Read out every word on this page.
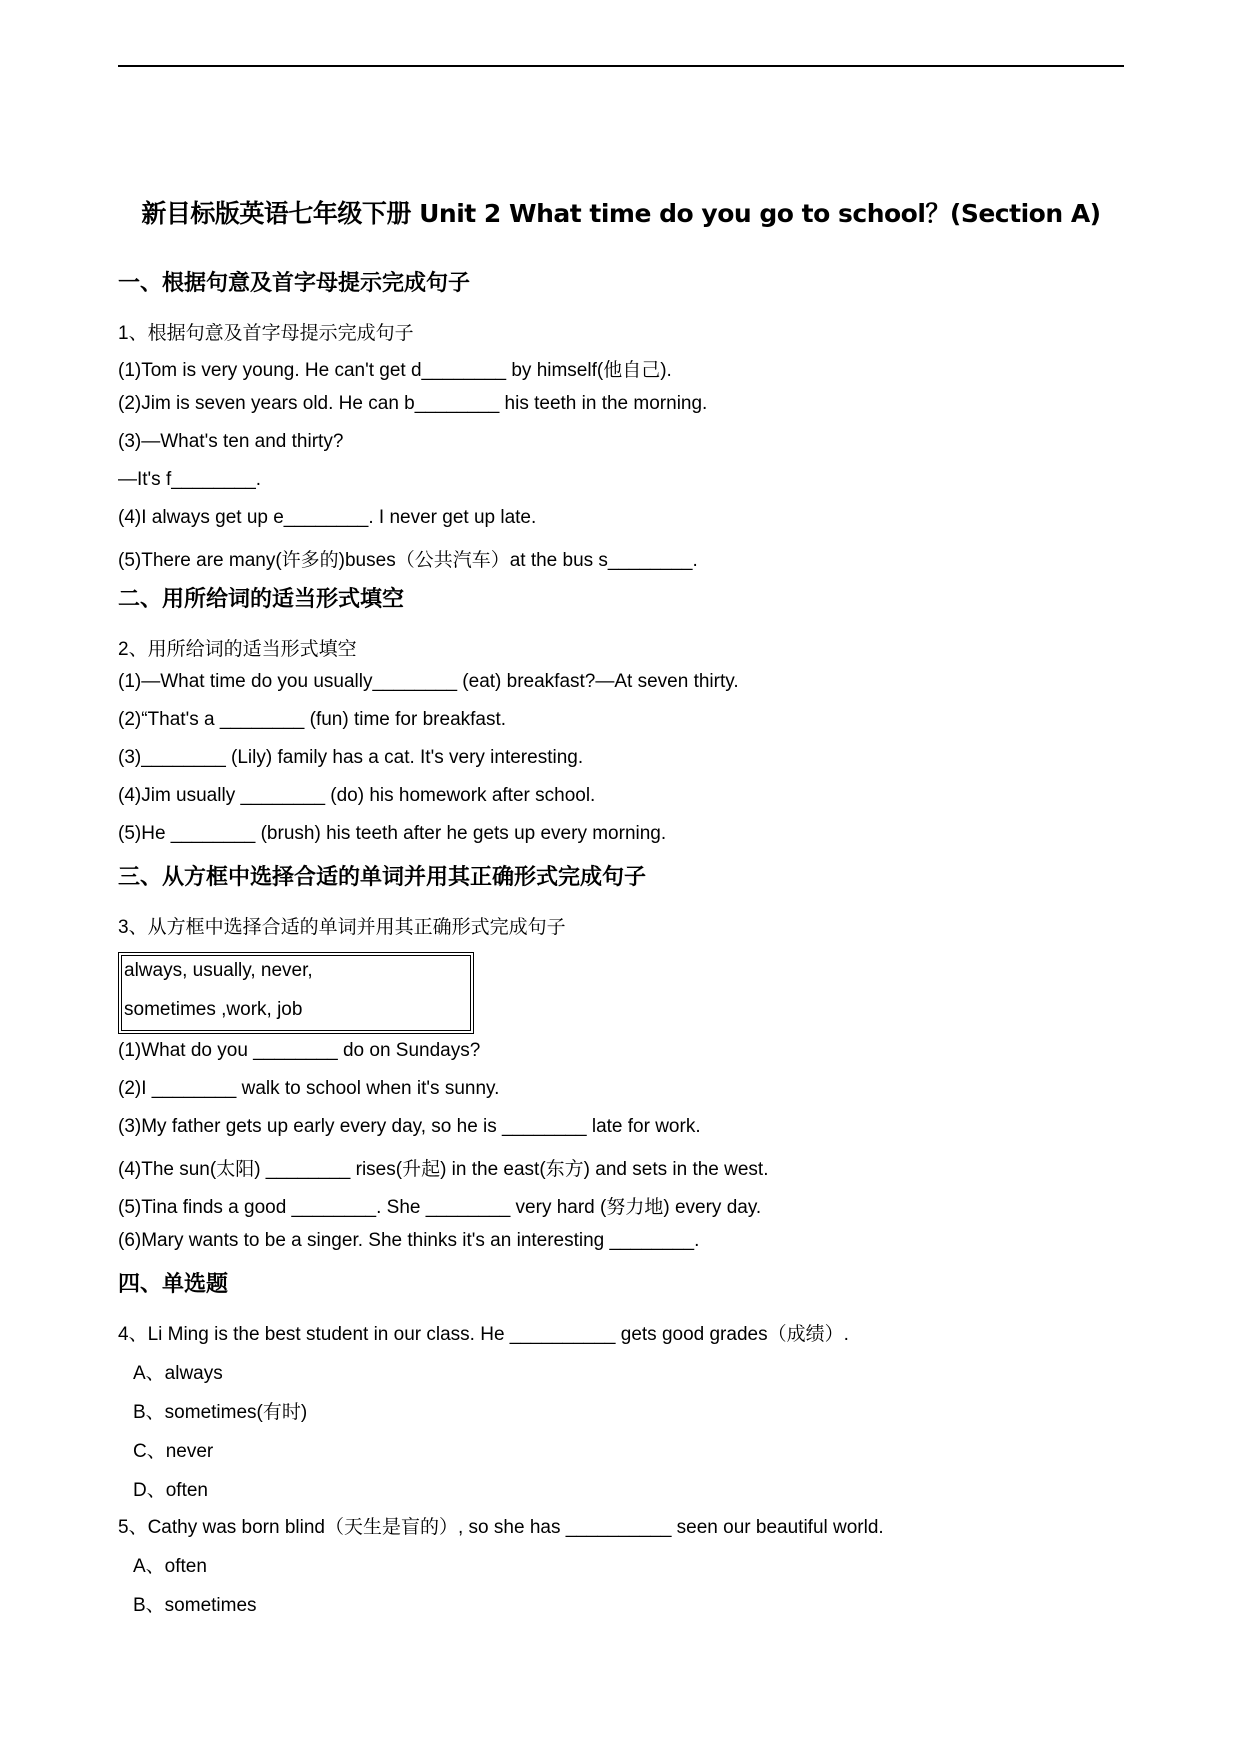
新目标版英语七年级下册 Unit 2 What time do you go to school？(Section A)
一、根据句意及首字母提示完成句子
1、根据句意及首字母提示完成句子
(1)Tom is very young. He can't get d________ by himself(他自己).
(2)Jim is seven years old. He can b________ his teeth in the morning.
(3)—What's ten and thirty?
—It's f________.
(4)I always get up e________. I never get up late.
(5)There are many(许多的)buses（公共汽车）at the bus s________.
二、用所给词的适当形式填空
2、用所给词的适当形式填空
(1)—What time do you usually________ (eat) breakfast?—At seven thirty.
(2)“That's a ________ (fun) time for breakfast.
(3)________ (Lily) family has a cat. It's very interesting.
(4)Jim usually ________ (do) his homework after school.
(5)He ________ (brush) his teeth after he gets up every morning.
三、从方框中选择合适的单词并用其正确形式完成句子
3、从方框中选择合适的单词并用其正确形式完成句子
always, usually, never,
sometimes ,work, job
(1)What do you ________ do on Sundays?
(2)I ________ walk to school when it's sunny.
(3)My father gets up early every day, so he is ________ late for work.
(4)The sun(太阳) ________ rises(升起) in the east(东方) and sets in the west.
(5)Tina finds a good ________. She ________ very hard (努力地) every day.
(6)Mary wants to be a singer. She thinks it's an interesting ________.
四、单选题
4、Li Ming is the best student in our class. He __________ gets good grades（成绩）.
A、always
B、sometimes(有时)
C、never
D、often
5、Cathy was born blind（天生是盲的）, so she has __________ seen our beautiful world.
A、often
B、sometimes
